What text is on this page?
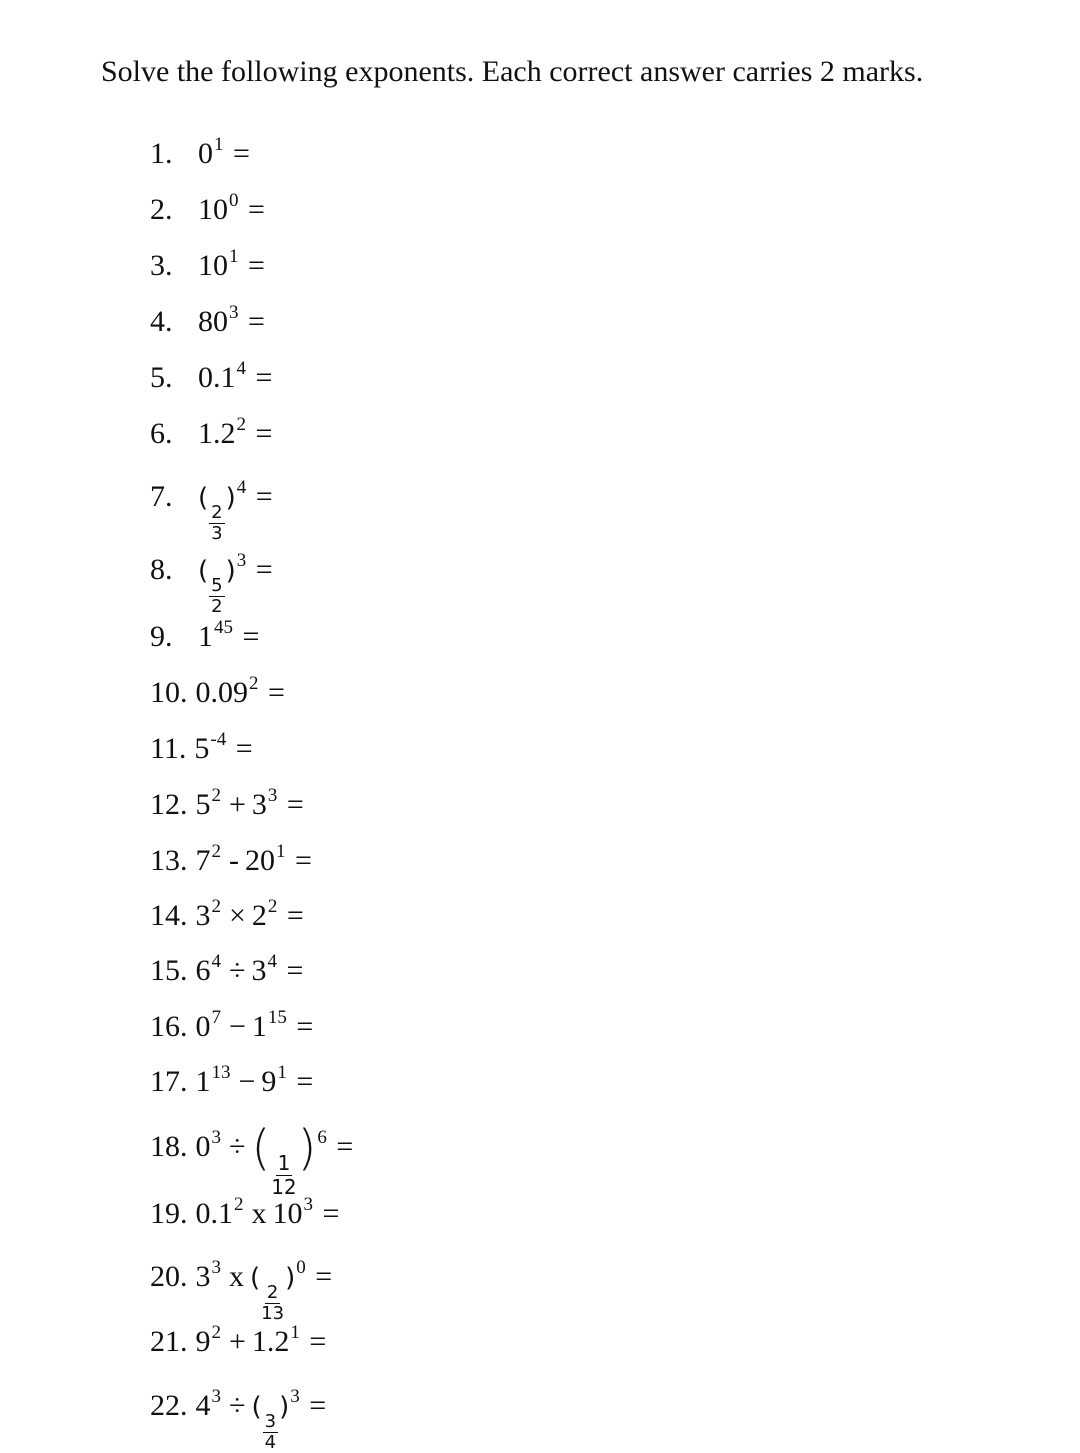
Solve the following exponents. Each correct answer carries 2 marks.
1. 01 =
2. 100 =
3. 101 =
4. 803 =
5. 0.14 =
6. 1.22 =
7. (
$\frac{2}{3}$
)4 =
8. (
$\frac{5}{2}$
)3 =
9. 145 =
10. 0.092 =
11. 5-4 =
12. 52 + 33 =
13. 72 - 201 =
14. 32 × 22 =
15. 64 ÷ 34 =
16. 07 − 115 =
17. 113 − 91 =
18. 03 ÷ ( $\frac{1}{12} )6$ =
19. 0.12 x 103 =
20. 33 x (
$\frac{2}{13}$
)0 =
21. 92 + 1.21 =
22. 43 ÷ (
$\frac{3}{4}$
)3 =
